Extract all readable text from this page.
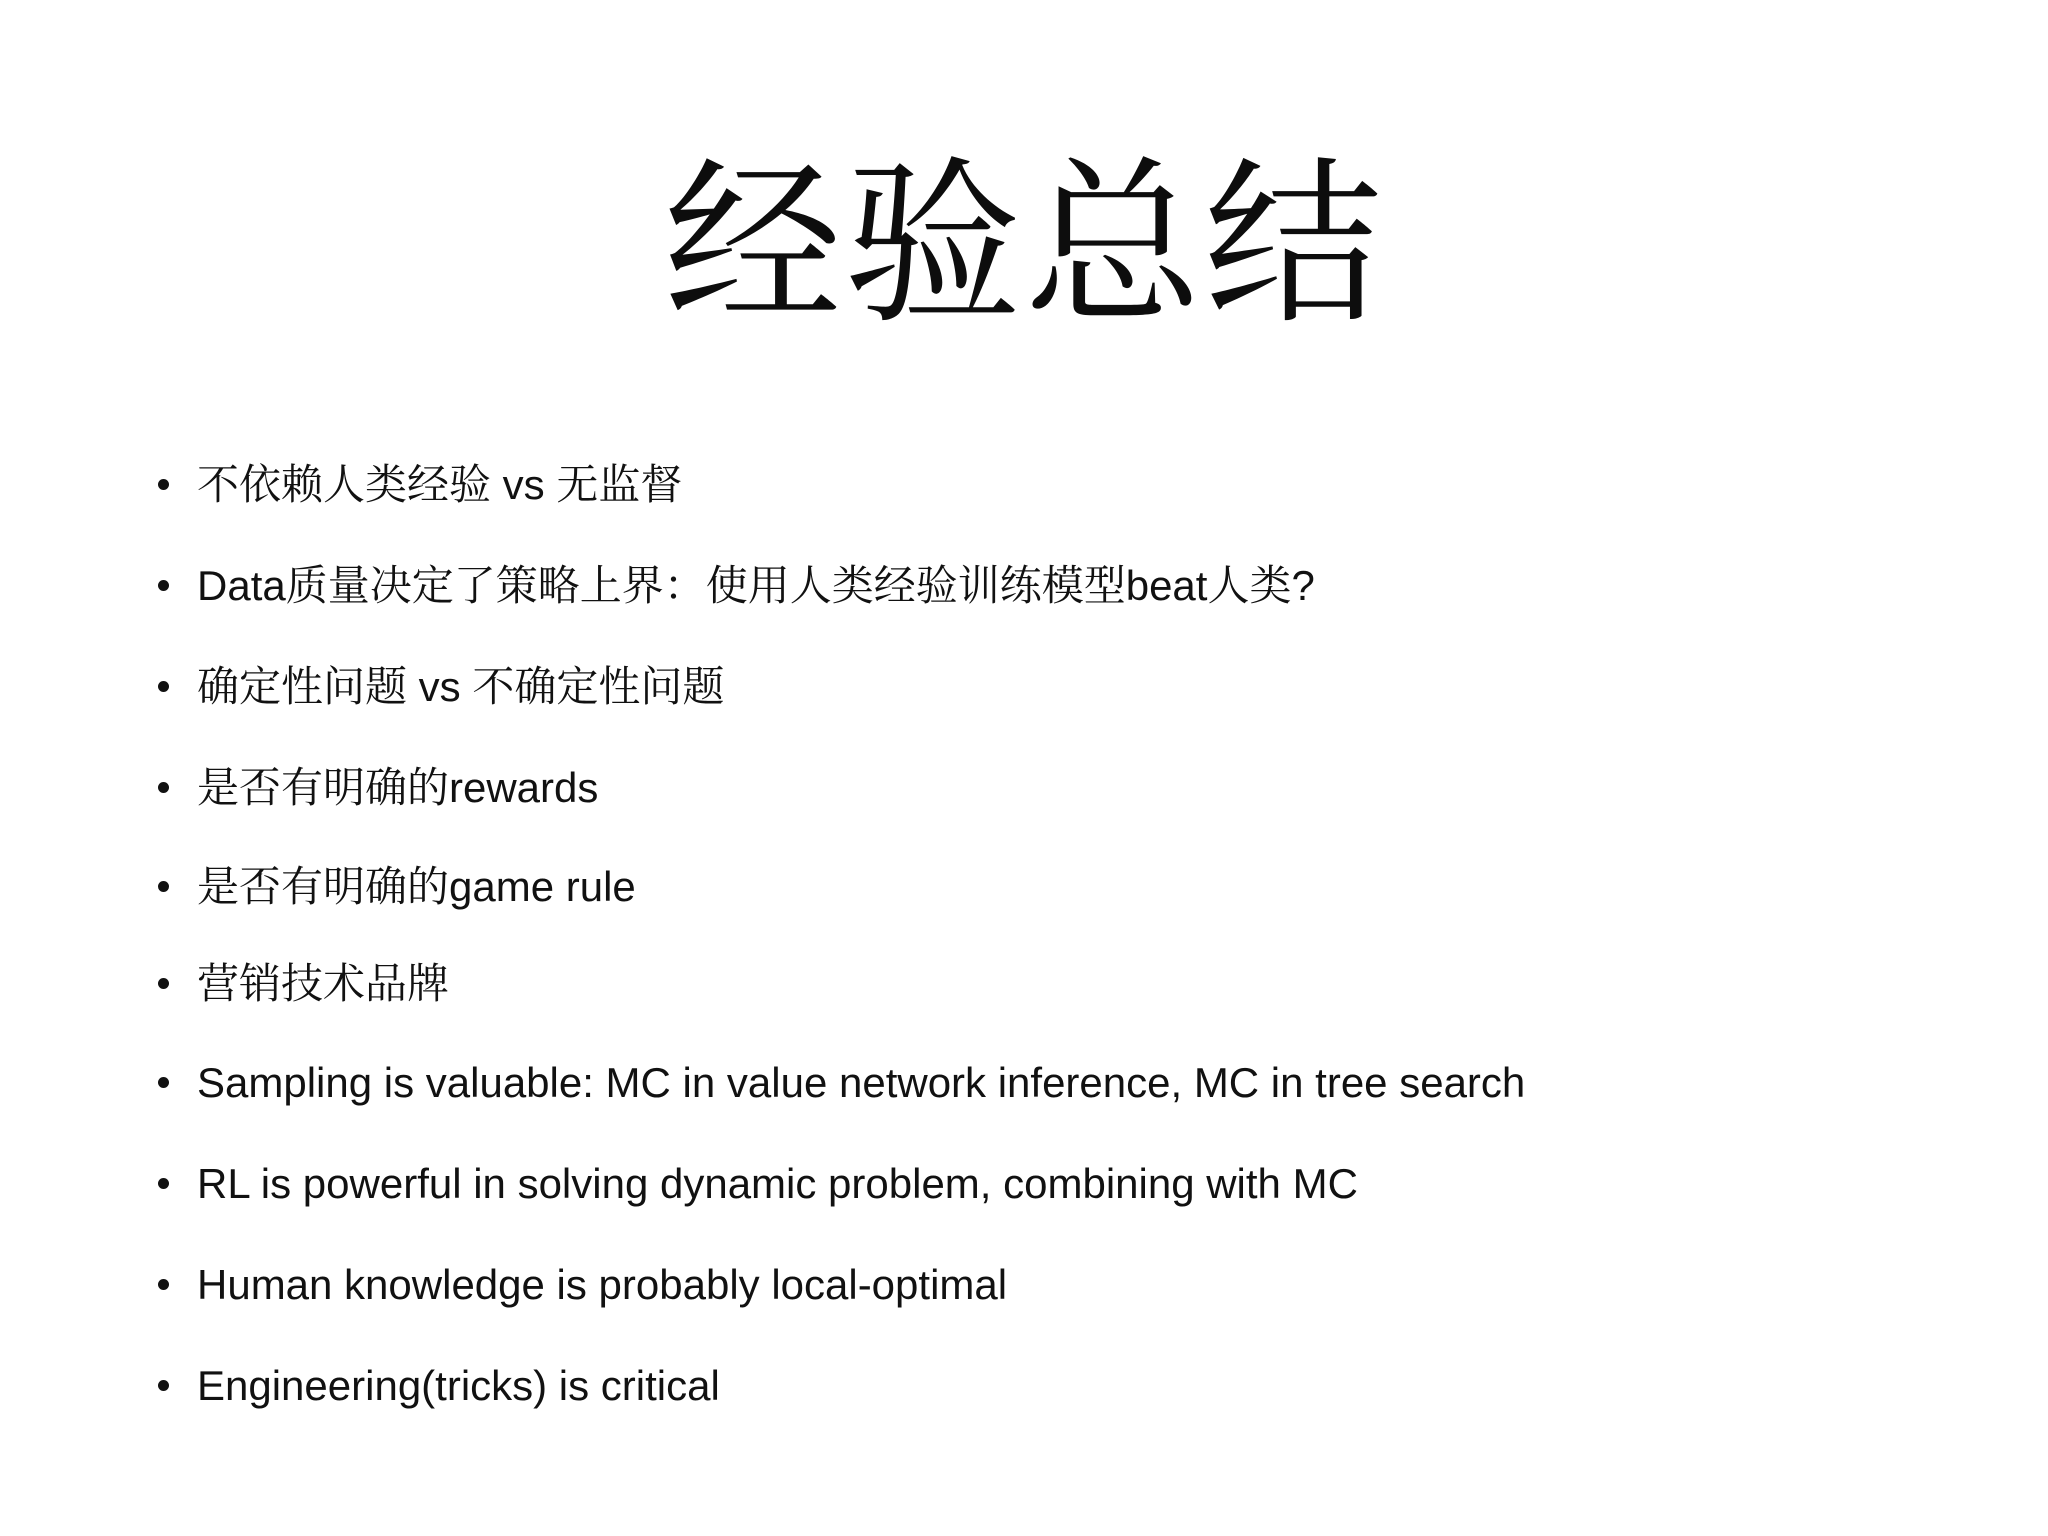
经验总结
不依赖人类经验 vs 无监督
Data质量决定了策略上界：使用人类经验训练模型beat人类?
确定性问题 vs 不确定性问题
是否有明确的rewards
是否有明确的game rule
营销技术品牌
Sampling is valuable: MC in value network inference, MC in tree search
RL is powerful in solving dynamic problem, combining with MC
Human knowledge is probably local-optimal
Engineering(tricks) is critical
